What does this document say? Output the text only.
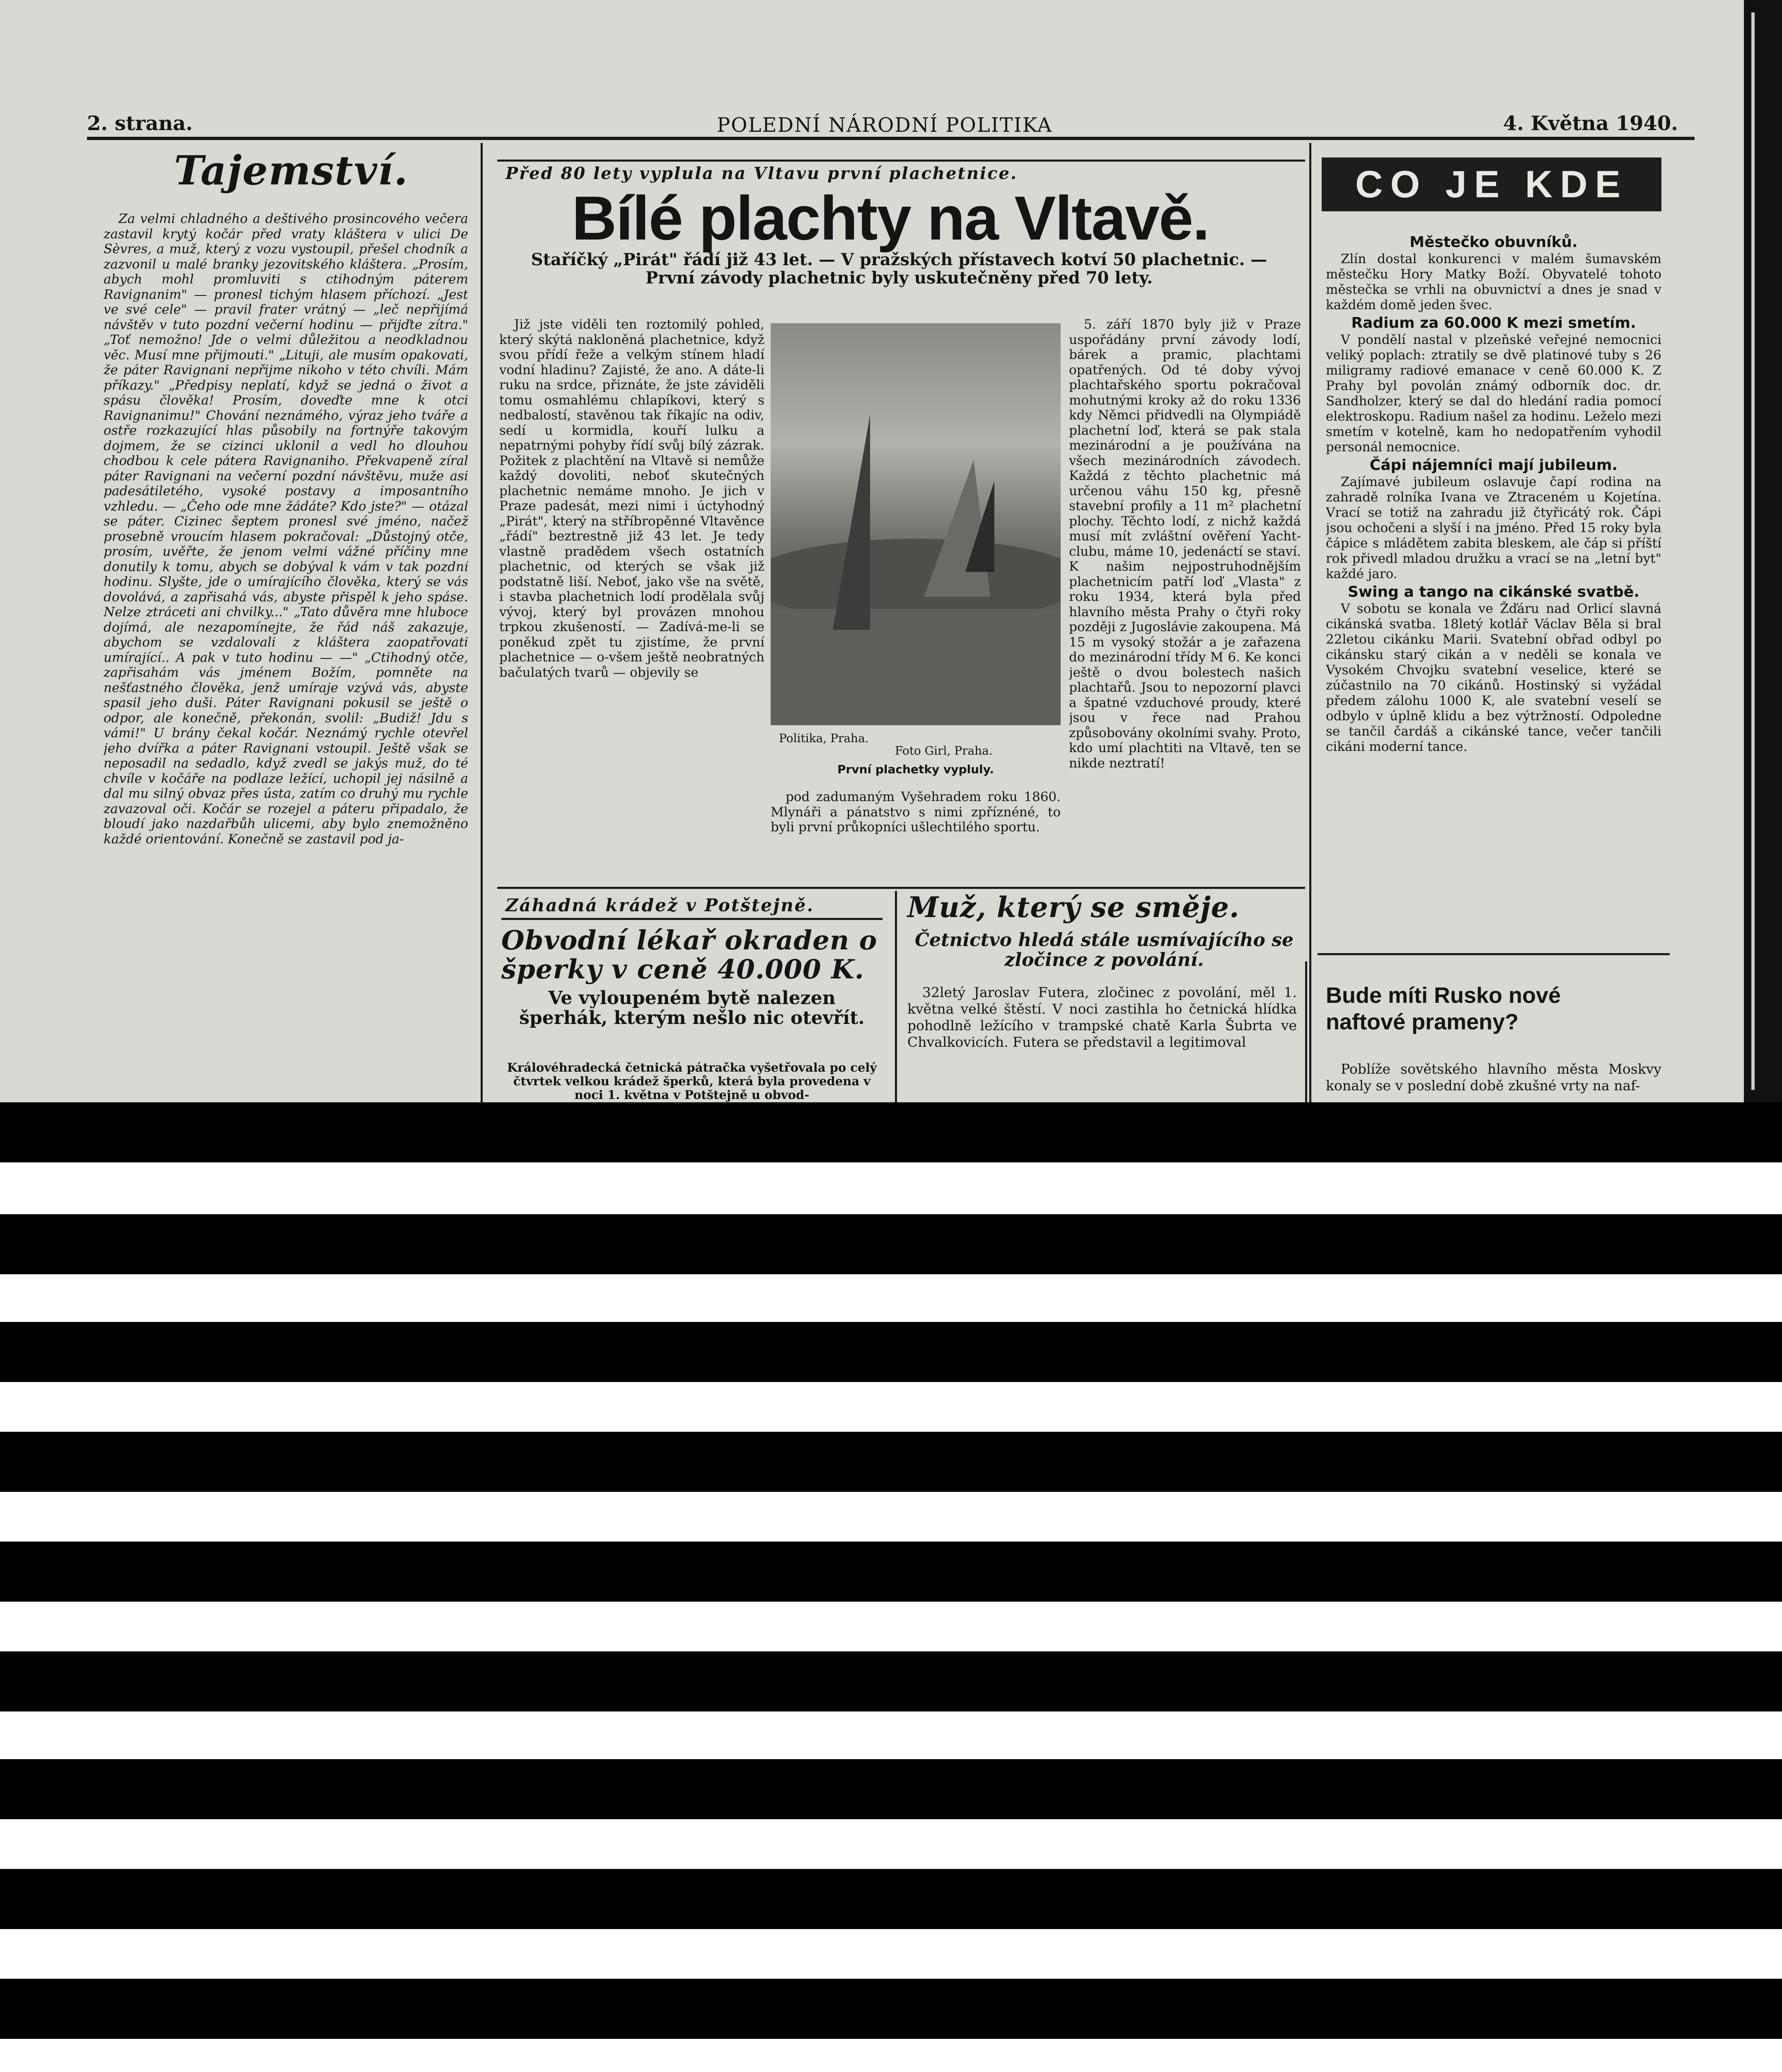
2. strana.	POLEDNÍ NÁRODNÍ POLITIKA	4. Května 1940.
Tajemství.

Za velmi chladného a deštivého prosincového večera zastavil krytý kočár před vraty kláštera v ulici De Sèvres, a muž, který z vozu vystoupil, přešel chodník a zazvonil u malé branky jezovitského kláštera. „Prosím, abych mohl promluviti s ctihodným páterem Ravignanim" — pronesl tichým hlasem příchozí. „Jest ve své cele" — pravil frater vrátný — „leč nepřijímá návštěv v tuto pozdní večerní hodinu — přijďte zítra." „Toť nemožno! Jde o velmi důležitou a neodkladnou věc. Musí mne přijmouti." „Lituji, ale musím opakovati, že páter Ravignani nepřijme nikoho v této chvíli. Mám příkazy." „Předpisy neplatí, když se jedná o život a spásu člověka! Prosím, doveďte mne k otci Ravignanimu!" Chování neznámého, výraz jeho tváře a ostře rozkazující hlas působily na fortnýře takovým dojmem, že se cizinci uklonil a vedl ho dlouhou chodbou k cele pátera Ravignaniho. Překvapeně zíral páter Ravignani na večerní pozdní návštěvu, muže asi padesátiletého, vysoké postavy a imposantního vzhledu. — „Čeho ode mne žádáte? Kdo jste?" — otázal se páter. Cizinec šeptem pronesl své jméno, načež prosebně vroucím hlasem pokračoval: „Důstojný otče, prosím, uvěřte, že jenom velmi vážné příčiny mne donutily k tomu, abych se dobýval k vám v tak pozdní hodinu. Slyšte, jde o umírajícího člověka, který se vás dovolává, a zapřisahá vás, abyste přispěl k jeho spáse. Nelze ztráceti ani chvilky..." „Tato důvěra mne hluboce dojímá, ale nezapomínejte, že řád náš zakazuje, abychom se vzdalovali z kláštera zaopatřovati umírající.. A pak v tuto hodinu — —" „Ctihodný otče, zapřisahám vás jménem Božím, pomněte na nešťastného člověka, jenž umíraje vzývá vás, abyste spasil jeho duši. Páter Ravignani pokusil se ještě o odpor, ale konečně, překonán, svolil: „Budiž! Jdu s vámi!" U brány čekal kočár. Neznámý rychle otevřel jeho dvířka a páter Ravignani vstoupil. Ještě však se neposadil na sedadlo, když zvedl se jakýs muž, do té chvíle v kočáře na podlaze ležící, uchopil jej násilně a dal mu silný obvaz přes ústa, zatím co druhý mu rychle zavazoval oči. Kočár se rozejel a páteru připadalo, že bloudí jako nazdařbůh ulicemi, aby bylo znemožněno každé orientování. Konečně se zastavil pod ja-

Před 80 lety vyplula na Vltavu první plachetnice.
Bílé plachty na Vltavě.
Staříčký „Pirát" řádí již 43 let. — V pražských přístavech kotví 50 plachetnic. — První závody plachetnic byly uskutečněny před 70 lety.

Již jste viděli ten roztomilý pohled, který skýtá nakloněná plachetnice, když svou přídí řeže a velkým stínem hladí vodní hladinu? Zajisté, že ano. A dáte-li ruku na srdce, přiznáte, že jste záviděli tomu osmahlému chlapíkovi, který s nedbalostí, stavěnou tak říkajíc na odiv, sedí u kormidla, kouří lulku a nepatrnými pohyby řídí svůj bílý zázrak. Požitek z plachtění na Vltavě si nemůže každý dovoliti, neboť skutečných plachetnic nemáme mnoho. Je jich v Praze padesát, mezi nimi i úctyhodný „Pirát", který na stříbropěnné Vltavěnce „řádí" beztrestně již 43 let. Je tedy vlastně pradědem všech ostatních plachetnic, od kterých se však již podstatně liší. Neboť, jako vše na světě, i stavba plachetnich lodí prodělala svůj vývoj, který byl provázen mnohou trpkou zkušeností. — Zadívá-me-li se poněkud zpět tu zjistíme, že první plachetnice — o-všem ještě neobratných bačulatých tvarů — objevily se

Politika, Praha.
Foto Girl, Praha.
První plachetky vypluly.

pod zadumaným Vyšehradem roku 1860. Mlynáři a pánatstvo s nimi zpříznéné, to byli první průkopníci ušlechtilého sportu.

5. září 1870 byly již v Praze uspořádány první závody lodí, bárek a pramic, plachtami opatřených. Od té doby vývoj plachtařského sportu pokračoval mohutnými kroky až do roku 1336 kdy Němci přidvedli na Olympiádě plachetní loď, která se pak stala mezinárodní a je používána na všech mezinárodních závodech. Každá z těchto plachetnic má určenou váhu 150 kg, přesně stavební profily a 11 m² plachetní plochy. Těchto lodí, z nichž každá musí mít zvláštní ověření Yacht-clubu, máme 10, jedenáctí se staví. K našim nejpostruhodnějším plachetnicím patří loď „Vlasta" z roku 1934, která byla před hlavního města Prahy o čtyři roky později z Jugoslávie zakoupena. Má 15 m vysoký stožár a je zařazena do mezinárodní třídy M 6. Ke konci ještě o dvou bolestech našich plachtařů. Jsou to nepozorní plavci a špatné vzduchové proudy, které jsou v řece nad Prahou způsobovány okolními svahy. Proto, kdo umí plachtiti na Vltavě, ten se nikde neztratí!

Záhadná krádež v Potštejně.
Obvodní lékař okraden o šperky v ceně 40.000 K.
Ve vyloupeném bytě nalezen šperhák, kterým nešlo nic otevřít.

Královéhradecká četnická pátračka vyšetřovala po celý čtvrtek velkou krádež šperků, která byla provedena v noci 1. května v Potštejně u obvod-

Muž, který se směje.
Četnictvo hledá stále usmívajícího se zločince z povolání.

32letý Jaroslav Futera, zločinec z povolání, měl 1. května velké štěstí. V noci zastihla ho četnická hlídka pohodlně ležícího v trampské chatě Karla Šubrta ve Chvalkovicích. Futera se představil a legitimoval

CO JE KDE
Městečko obuvníků.

Zlín dostal konkurenci v malém šumavském městečku Hory Matky Boží. Obyvatelé tohoto městečka se vrhli na obuvnictví a dnes je snad v každém domě jeden švec.

Radium za 60.000 K mezi smetím.

V pondělí nastal v plzeňské veřejné nemocnici veliký poplach: ztratily se dvě platinové tuby s 26 miligramy radiové emanace v ceně 60.000 K. Z Prahy byl povolán známý odborník doc. dr. Sandholzer, který se dal do hledání radia pomocí elektroskopu. Radium našel za hodinu. Leželo mezi smetím v kotelně, kam ho nedopatřením vyhodil personál nemocnice.

Čápi nájemníci mají jubileum.

Zajímavé jubileum oslavuje čapí rodina na zahradě rolníka Ivana ve Ztraceném u Kojetína. Vrací se totiž na zahradu již čtyřicátý rok. Čápi jsou ochočeni a slyší i na jméno. Před 15 roky byla čápice s mládětem zabita bleskem, ale čáp si příští rok přivedl mladou družku a vrací se na „letní byt" každé jaro.

Swing a tango na cikánské svatbě.

V sobotu se konala ve Žďáru nad Orlicí slavná cikánská svatba. 18letý kotlář Václav Běla si bral 22letou cikánku Marii. Svatební obřad odbyl po cikánsku starý cikán a v neděli se konala ve Vysokém Chvojku svatební veselice, které se zúčastnilo na 70 cikánů. Hostinský si vyžádal předem zálohu 1000 K, ale svatební veselí se odbylo v úplně klidu a bez výtržností. Odpoledne se tančil čardáš a cikánské tance, večer tančili cikáni moderní tance.

Bude míti Rusko nové naftové prameny?

Poblíže sovětského hlavního města Moskvy konaly se v poslední době zkušné vrty na naf-
